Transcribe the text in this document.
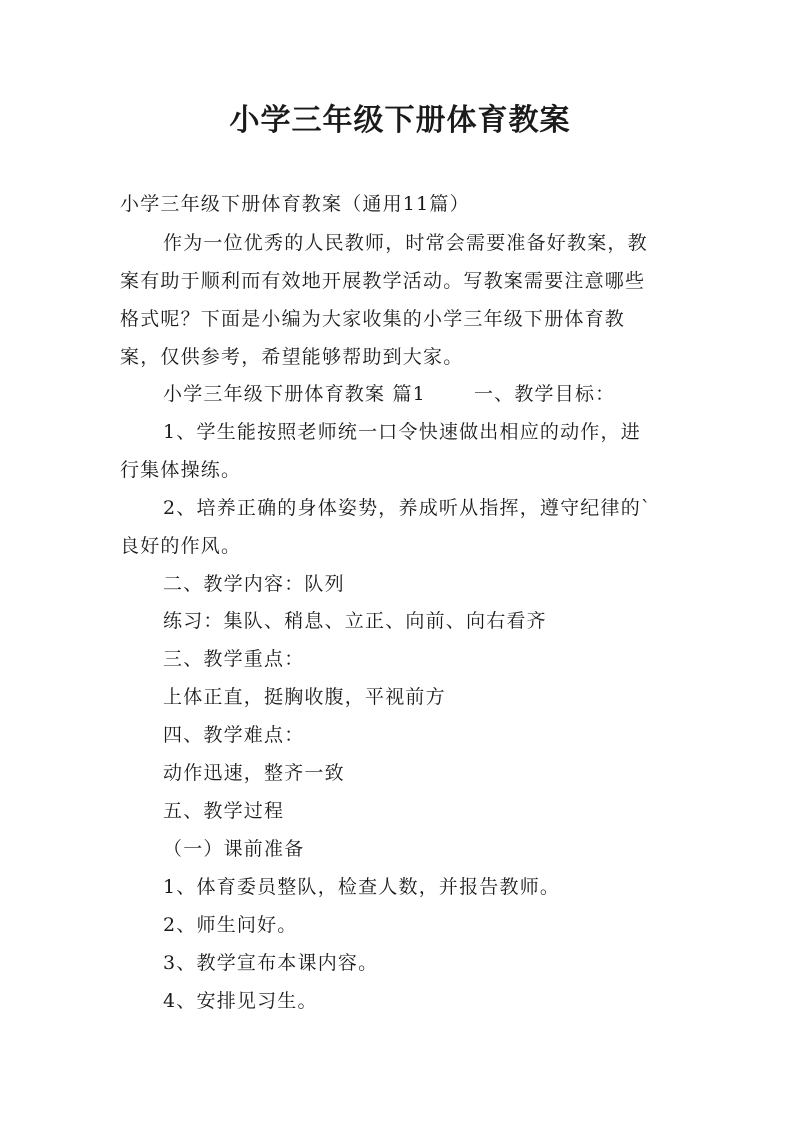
小学三年级下册体育教案

小学三年级下册体育教案（通用11篇）

作为一位优秀的人民教师，时常会需要准备好教案，教

案有助于顺利而有效地开展教学活动。写教案需要注意哪些

格式呢？下面是小编为大家收集的小学三年级下册体育教

案，仅供参考，希望能够帮助到大家。

小学三年级下册体育教案 篇1	一、教学目标：

1、学生能按照老师统一口令快速做出相应的动作，进

行集体操练。

2、培养正确的身体姿势，养成听从指挥，遵守纪律的`

良好的作风。

二、教学内容：队列

练习：集队、稍息、立正、向前、向右看齐

三、教学重点：

上体正直，挺胸收腹，平视前方

四、教学难点：

动作迅速，整齐一致

五、教学过程

（一）课前准备

1、体育委员整队，检查人数，并报告教师。

2、师生问好。

3、教学宣布本课内容。

4、安排见习生。
